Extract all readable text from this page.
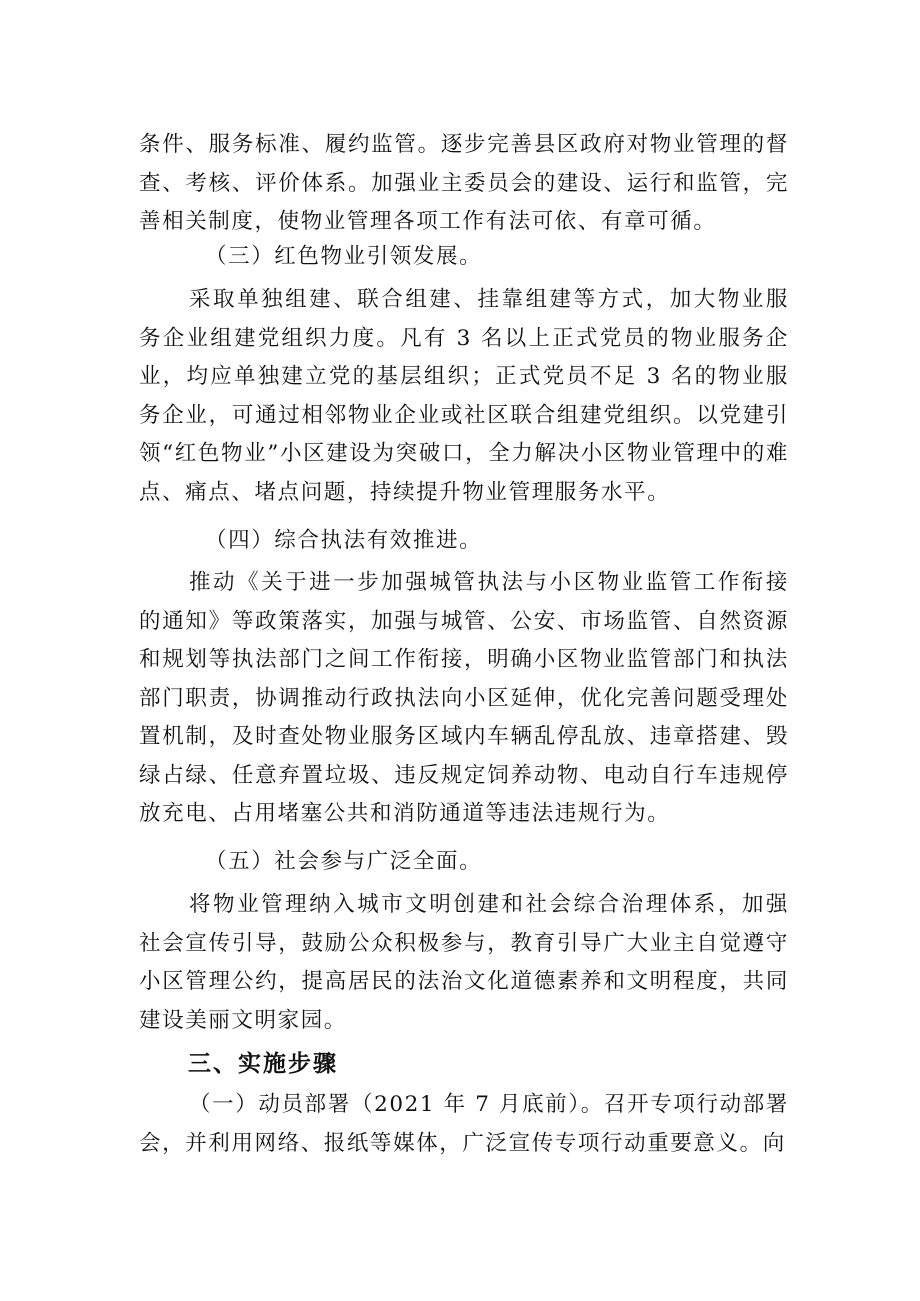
条件、服务标准、履约监管。逐步完善县区政府对物业管理的督查、考核、评价体系。加强业主委员会的建设、运行和监管，完善相关制度，使物业管理各项工作有法可依、有章可循。

（三）红色物业引领发展。

采取单独组建、联合组建、挂靠组建等方式，加大物业服务企业组建党组织力度。凡有 3 名以上正式党员的物业服务企业，均应单独建立党的基层组织；正式党员不足 3 名的物业服务企业，可通过相邻物业企业或社区联合组建党组织。以党建引领“红色物业”小区建设为突破口，全力解决小区物业管理中的难点、痛点、堵点问题，持续提升物业管理服务水平。

（四）综合执法有效推进。

推动《关于进一步加强城管执法与小区物业监管工作衔接的通知》等政策落实，加强与城管、公安、市场监管、自然资源和规划等执法部门之间工作衔接，明确小区物业监管部门和执法部门职责，协调推动行政执法向小区延伸，优化完善问题受理处置机制，及时查处物业服务区域内车辆乱停乱放、违章搭建、毁绿占绿、任意弃置垃圾、违反规定饲养动物、电动自行车违规停放充电、占用堵塞公共和消防通道等违法违规行为。

（五）社会参与广泛全面。

将物业管理纳入城市文明创建和社会综合治理体系，加强社会宣传引导，鼓励公众积极参与，教育引导广大业主自觉遵守小区管理公约，提高居民的法治文化道德素养和文明程度，共同建设美丽文明家园。

三、实施步骤

（一）动员部署（2021 年 7 月底前）。召开专项行动部署会，并利用网络、报纸等媒体，广泛宣传专项行动重要意义。向
